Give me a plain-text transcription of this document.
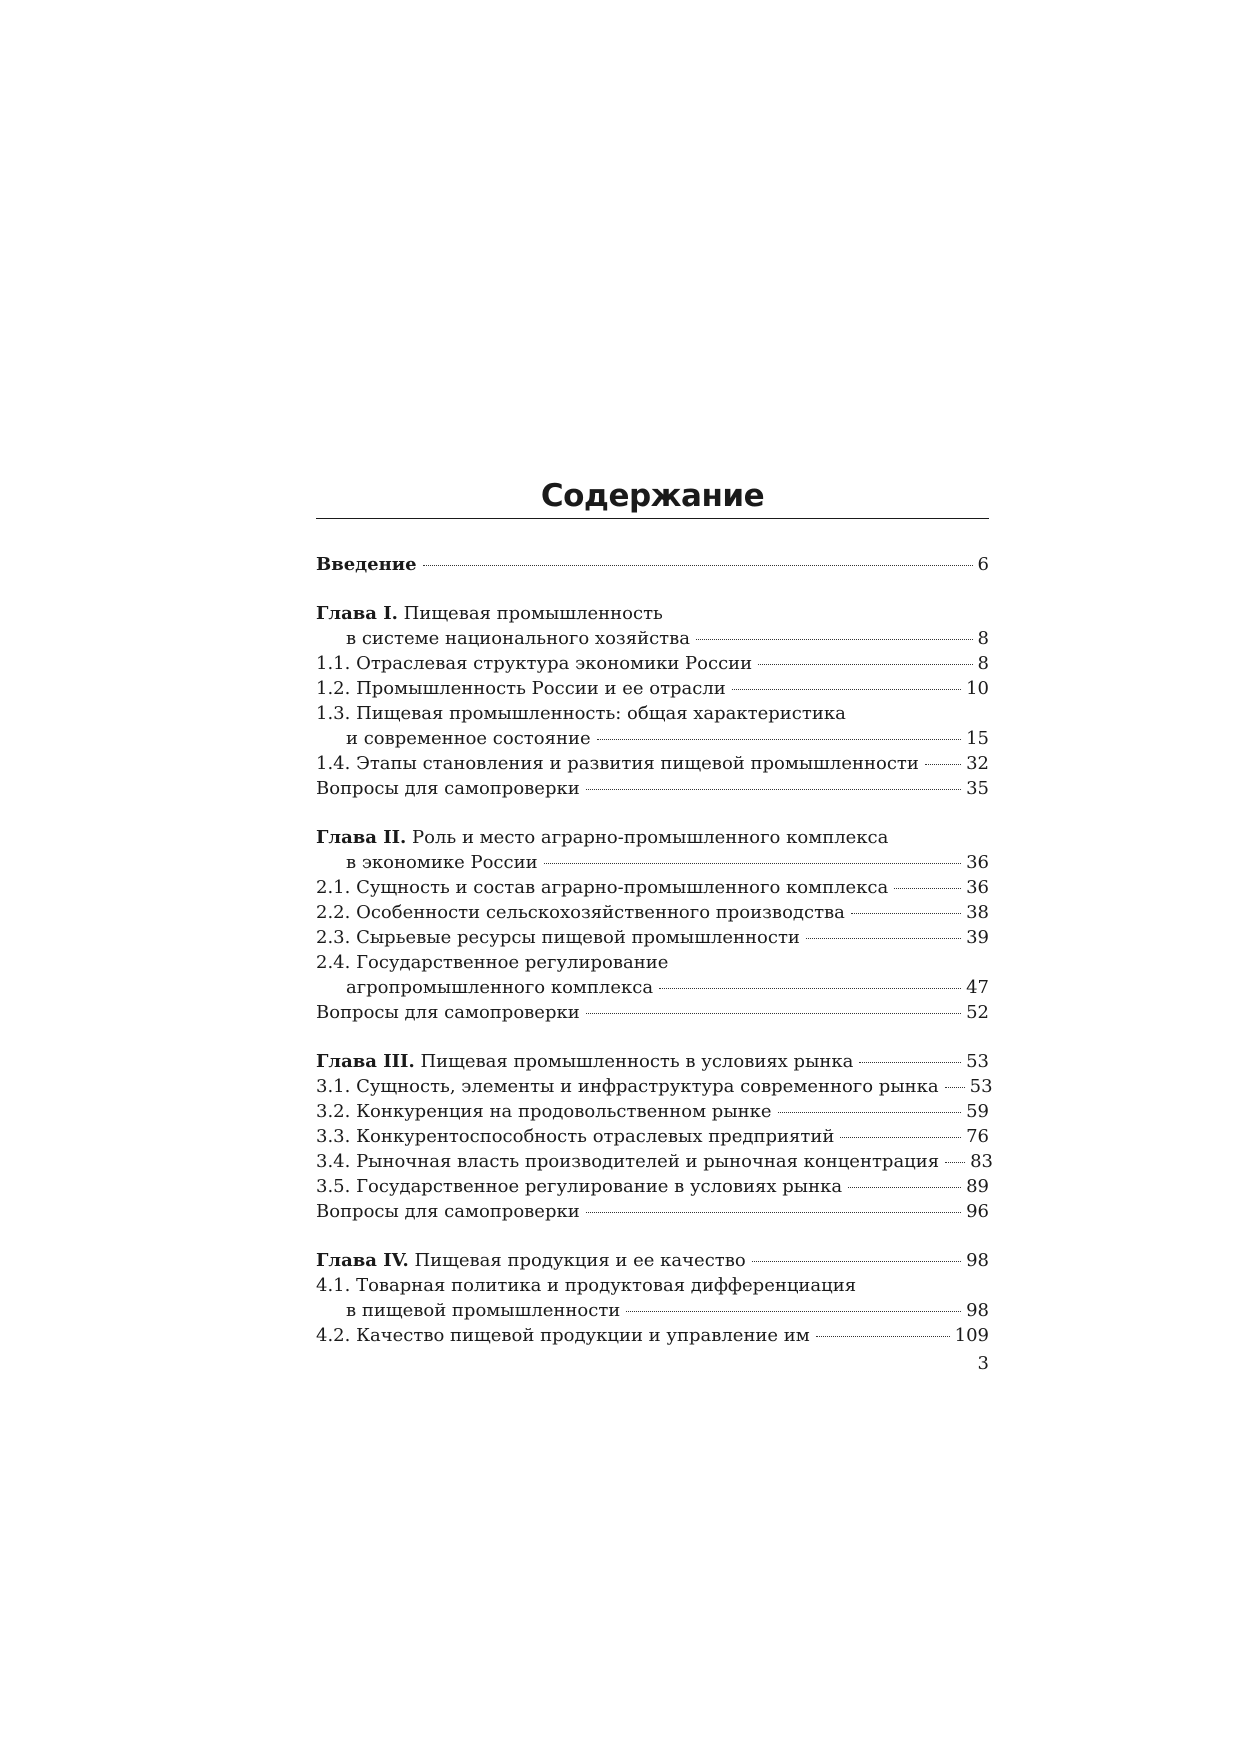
Содержание
Введение	6
Глава I. Пищевая промышленность
в системе национального хозяйства	8
1.1. Отраслевая структура экономики России	8
1.2. Промышленность России и ее отрасли	10
1.3. Пищевая промышленность: общая характеристика
и современное состояние	15
1.4. Этапы становления и развития пищевой промышленности	32
Вопросы для самопроверки	35
Глава II. Роль и место аграрно-промышленного комплекса
в экономике России	36
2.1. Сущность и состав аграрно-промышленного комплекса	36
2.2. Особенности сельскохозяйственного производства	38
2.3. Сырьевые ресурсы пищевой промышленности	39
2.4. Государственное регулирование
агропромышленного комплекса	47
Вопросы для самопроверки	52
Глава III. Пищевая промышленность в условиях рынка	53
3.1. Сущность, элементы и инфраструктура современного рынка 53
3.2. Конкуренция на продовольственном рынке	59
3.3. Конкурентоспособность отраслевых предприятий	76
3.4. Рыночная власть производителей и рыночная концентрация 83
3.5. Государственное регулирование в условиях рынка	89
Вопросы для самопроверки	96
Глава IV. Пищевая продукция и ее качество	98
4.1. Товарная политика и продуктовая дифференциация
в пищевой промышленности	98
4.2. Качество пищевой продукции и управление им	109
3
